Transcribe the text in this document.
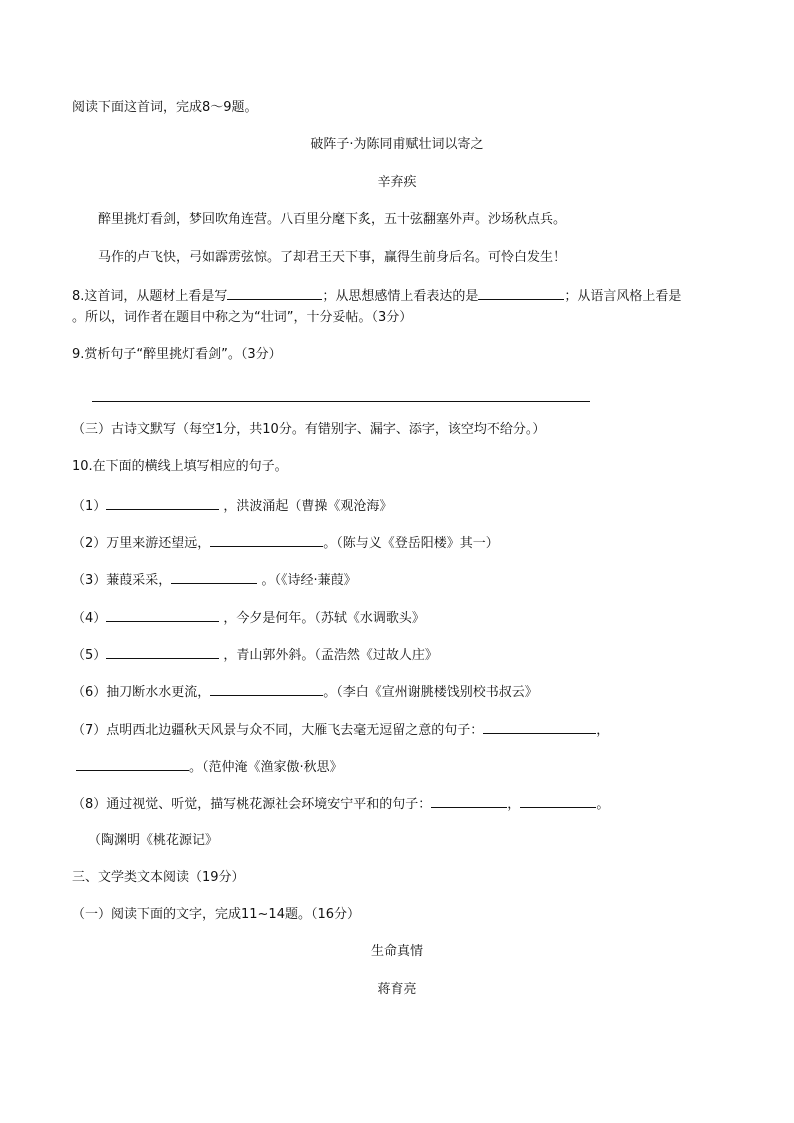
阅读下面这首词，完成8～9题。
破阵子·为陈同甫赋壮词以寄之
辛弃疾
醉里挑灯看剑，梦回吹角连营。八百里分麾下炙，五十弦翻塞外声。沙场秋点兵。
马作的卢飞快，弓如霹雳弦惊。了却君王天下事，赢得生前身后名。可怜白发生！
8.这首词，从题材上看是写	；从思想感情上看表达的是	；从语言风格上看是
。所以，词作者在题目中称之为“壮词”，十分妥帖。（3分）
9.赏析句子“醉里挑灯看剑”。（3分）
（三）古诗文默写（每空1分，共10分。有错别字、漏字、添字，该空均不给分。）
10.在下面的横线上填写相应的句子。
（1）	，洪波涌起（曹操《观沧海》
（2）万里来游还望远，	。（陈与义《登岳阳楼》其一）
（3）蒹葭采采，	。（《诗经·蒹葭》
（4）	，今夕是何年。（苏轼《水调歌头》
（5）	，青山郭外斜。（孟浩然《过故人庄》
（6）抽刀断水水更流，	。（李白《宣州谢朓楼饯别校书叔云》
（7）点明西北边疆秋天风景与众不同，大雁飞去毫无逗留之意的句子：	，
。（范仲淹《渔家傲·秋思》
（8）通过视觉、听觉，描写桃花源社会环境安宁平和的句子：	，	。
（陶渊明《桃花源记》
三、文学类文本阅读（19分）
（一）阅读下面的文字，完成11~14题。（16分）
生命真情
蒋育亮
